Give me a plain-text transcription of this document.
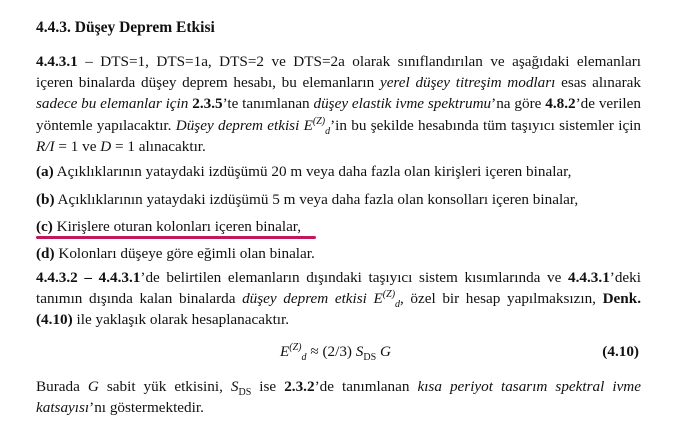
4.4.3. Düşey Deprem Etkisi
4.4.3.1 – DTS=1, DTS=1a, DTS=2 ve DTS=2a olarak sınıflandırılan ve aşağıdaki elemanları içeren binalarda düşey deprem hesabı, bu elemanların yerel düşey titreşim modları esas alınarak sadece bu elemanlar için 2.3.5’te tanımlanan düşey elastik ivme spektrumu’na göre 4.8.2’de verilen yöntemle yapılacaktır. Düşey deprem etkisi $E^{(Z)}_d’in$ bu şekilde hesabında tüm taşıyıcı sistemler için R/I = 1 ve D = 1 alınacaktır.
(a) Açıklıklarının yataydaki izdüşümü 20 m veya daha fazla olan kirişleri içeren binalar,
(b) Açıklıklarının yataydaki izdüşümü 5 m veya daha fazla olan konsolları içeren binalar,
(c) Kirişlere oturan kolonları içeren binalar,
(d) Kolonları düşeye göre eğimli olan binalar.
4.4.3.2 – 4.4.3.1’de belirtilen elemanların dışındaki taşıyıcı sistem kısımlarında ve 4.4.3.1’deki tanımın dışında kalan binalarda düşey deprem etkisi $E^{(Z)}_d$, özel bir hesap yapılmaksızın, Denk.(4.10) ile yaklaşık olarak hesaplanacaktır.
$E^{(Z)}_d \approx (2/3)$ $S_{DS}$ G	(4.10)
Burada G sabit yük etkisini, $S_{DS}$ ise 2.3.2’de tanımlanan kısa periyot tasarım spektral ivme katsayısı’nı göstermektedir.
